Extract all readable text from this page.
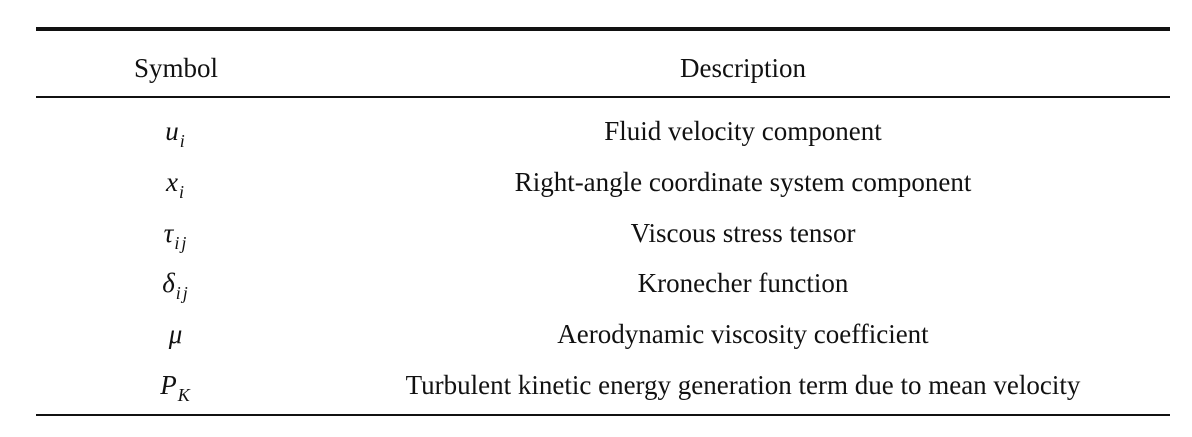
Symbol	Description
$u_i$	Fluid velocity component
$x_i$	Right-angle coordinate system component
$\tau_{ij}$	Viscous stress tensor
$\delta_{ij}$	Kronecher function
μ	Aerodynamic viscosity coefficient
$P_K$	Turbulent kinetic energy generation term due to mean velocity
